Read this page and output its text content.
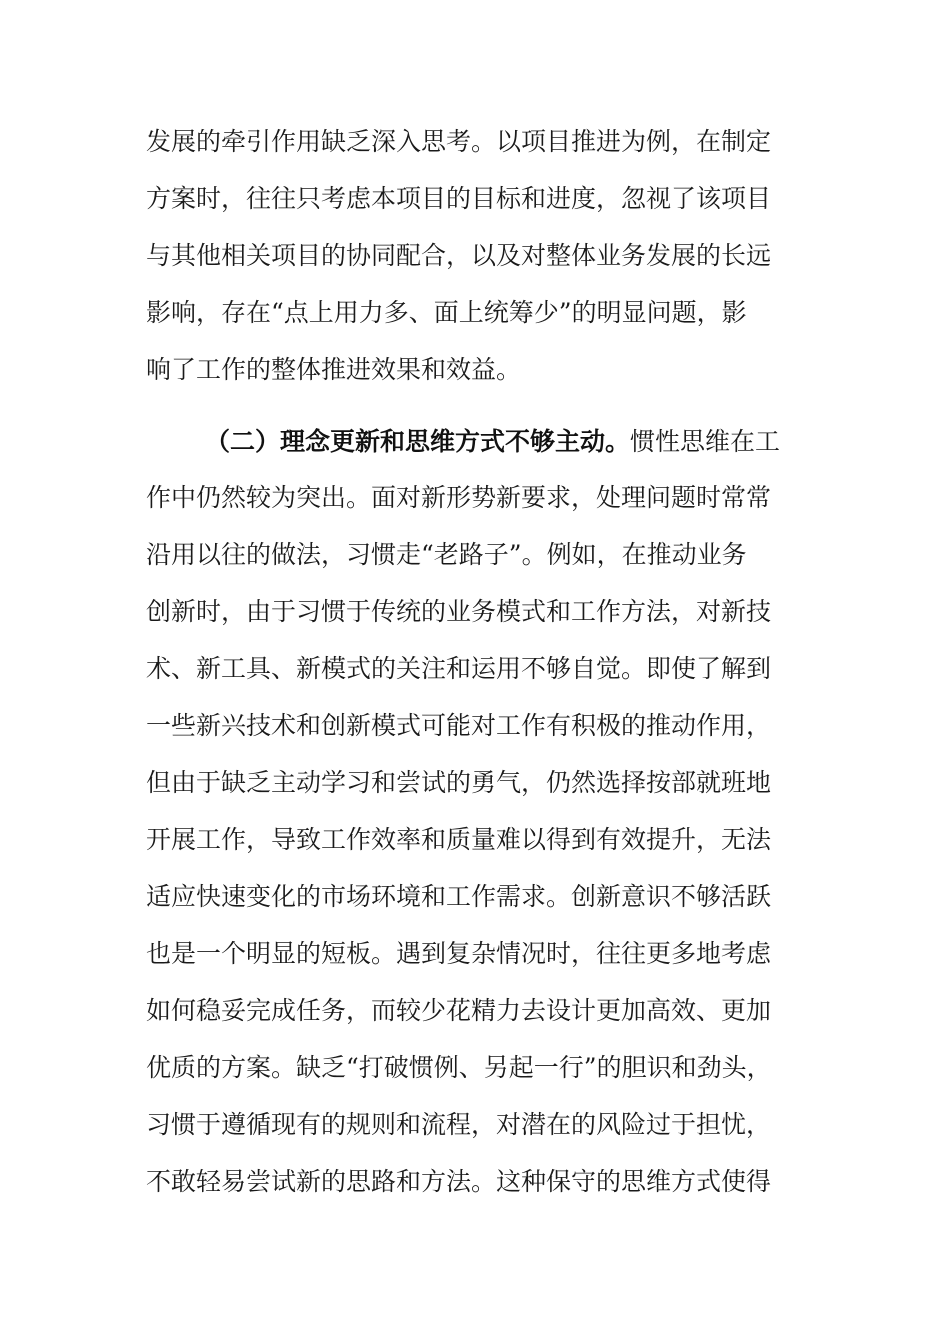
发展的牵引作用缺乏深入思考。以项目推进为例，在制定
方案时，往往只考虑本项目的目标和进度，忽视了该项目
与其他相关项目的协同配合，以及对整体业务发展的长远
影响，存在“点上用力多、面上统筹少”的明显问题，影
响了工作的整体推进效果和效益。
（二）理念更新和思维方式不够主动。惯性思维在工
作中仍然较为突出。面对新形势新要求，处理问题时常常
沿用以往的做法，习惯走“老路子”。例如，在推动业务
创新时，由于习惯于传统的业务模式和工作方法，对新技
术、新工具、新模式的关注和运用不够自觉。即使了解到
一些新兴技术和创新模式可能对工作有积极的推动作用，
但由于缺乏主动学习和尝试的勇气，仍然选择按部就班地
开展工作，导致工作效率和质量难以得到有效提升，无法
适应快速变化的市场环境和工作需求。创新意识不够活跃
也是一个明显的短板。遇到复杂情况时，往往更多地考虑
如何稳妥完成任务，而较少花精力去设计更加高效、更加
优质的方案。缺乏“打破惯例、另起一行”的胆识和劲头，
习惯于遵循现有的规则和流程，对潜在的风险过于担忧，
不敢轻易尝试新的思路和方法。这种保守的思维方式使得
